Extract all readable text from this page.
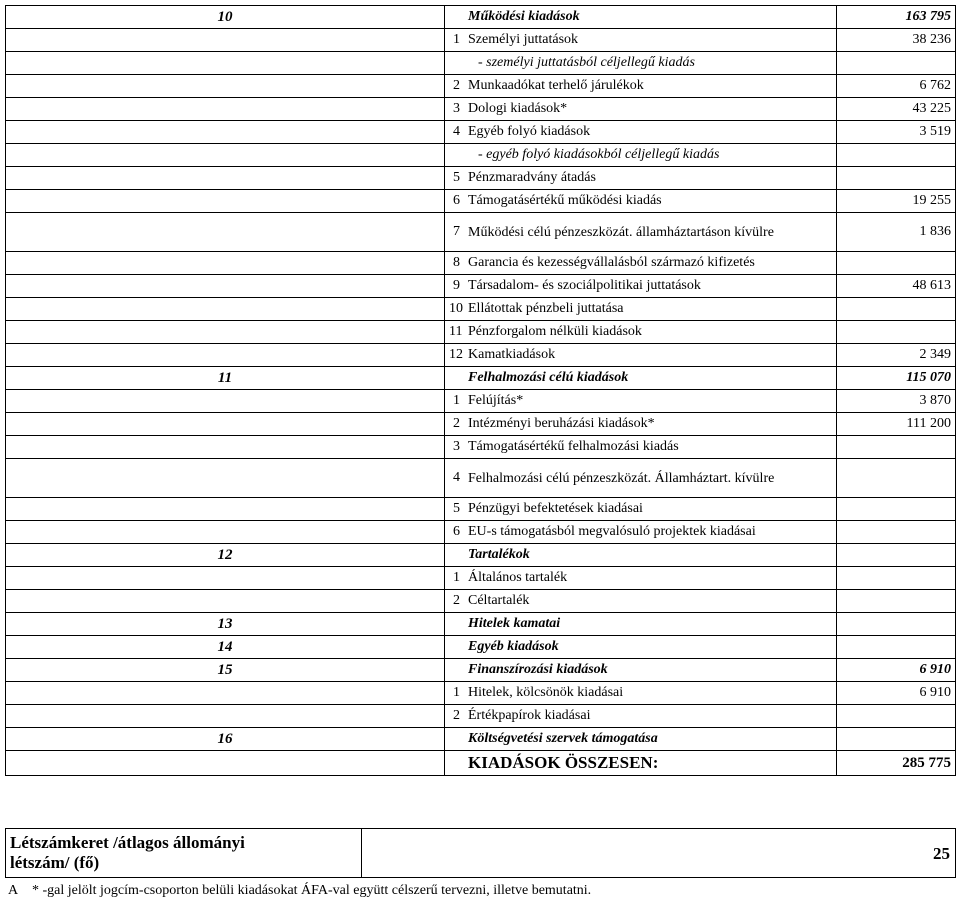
10		Működési kiadások	163 795
	1	Személyi juttatások	38 236
		- személyi juttatásból céljellegű kiadás	
	2	Munkaadókat terhelő járulékok	6 762
	3	Dologi kiadások*	43 225
	4	Egyéb folyó kiadások	3 519
		- egyéb folyó kiadásokból céljellegű kiadás	
	5	Pénzmaradvány átadás	
	6	Támogatásértékű működési kiadás	19 255
	7	Működési célú pénzeszközát. államháztartáson kívülre	1 836
	8	Garancia és kezességvállalásból származó kifizetés	
	9	Társadalom- és szociálpolitikai juttatások	48 613
	10	Ellátottak pénzbeli juttatása	
	11	Pénzforgalom nélküli kiadások	
	12	Kamatkiadások	2 349
11		Felhalmozási célú kiadások	115 070
	1	Felújítás*	3 870
	2	Intézményi beruházási kiadások*	111 200
	3	Támogatásértékű felhalmozási kiadás	
	4	Felhalmozási célú pénzeszközát. Államháztart. kívülre	
	5	Pénzügyi befektetések kiadásai	
	6	EU-s támogatásból megvalósuló projektek kiadásai	
12		Tartalékok	
	1	Általános tartalék	
	2	Céltartalék	
13		Hitelek kamatai	
14		Egyéb kiadások	
15		Finanszírozási kiadások	6 910
	1	Hitelek, kölcsönök kiadásai	6 910
	2	Értékpapírok kiadásai	
16		Költségvetési szervek támogatása	
		KIADÁSOK ÖSSZESEN:	285 775
Létszámkeret /átlagos állományi létszám/ (fő)	25
A * -gal jelölt jogcím-csoporton belüli kiadásokat ÁFA-val együtt célszerű tervezni, illetve bemutatni.
